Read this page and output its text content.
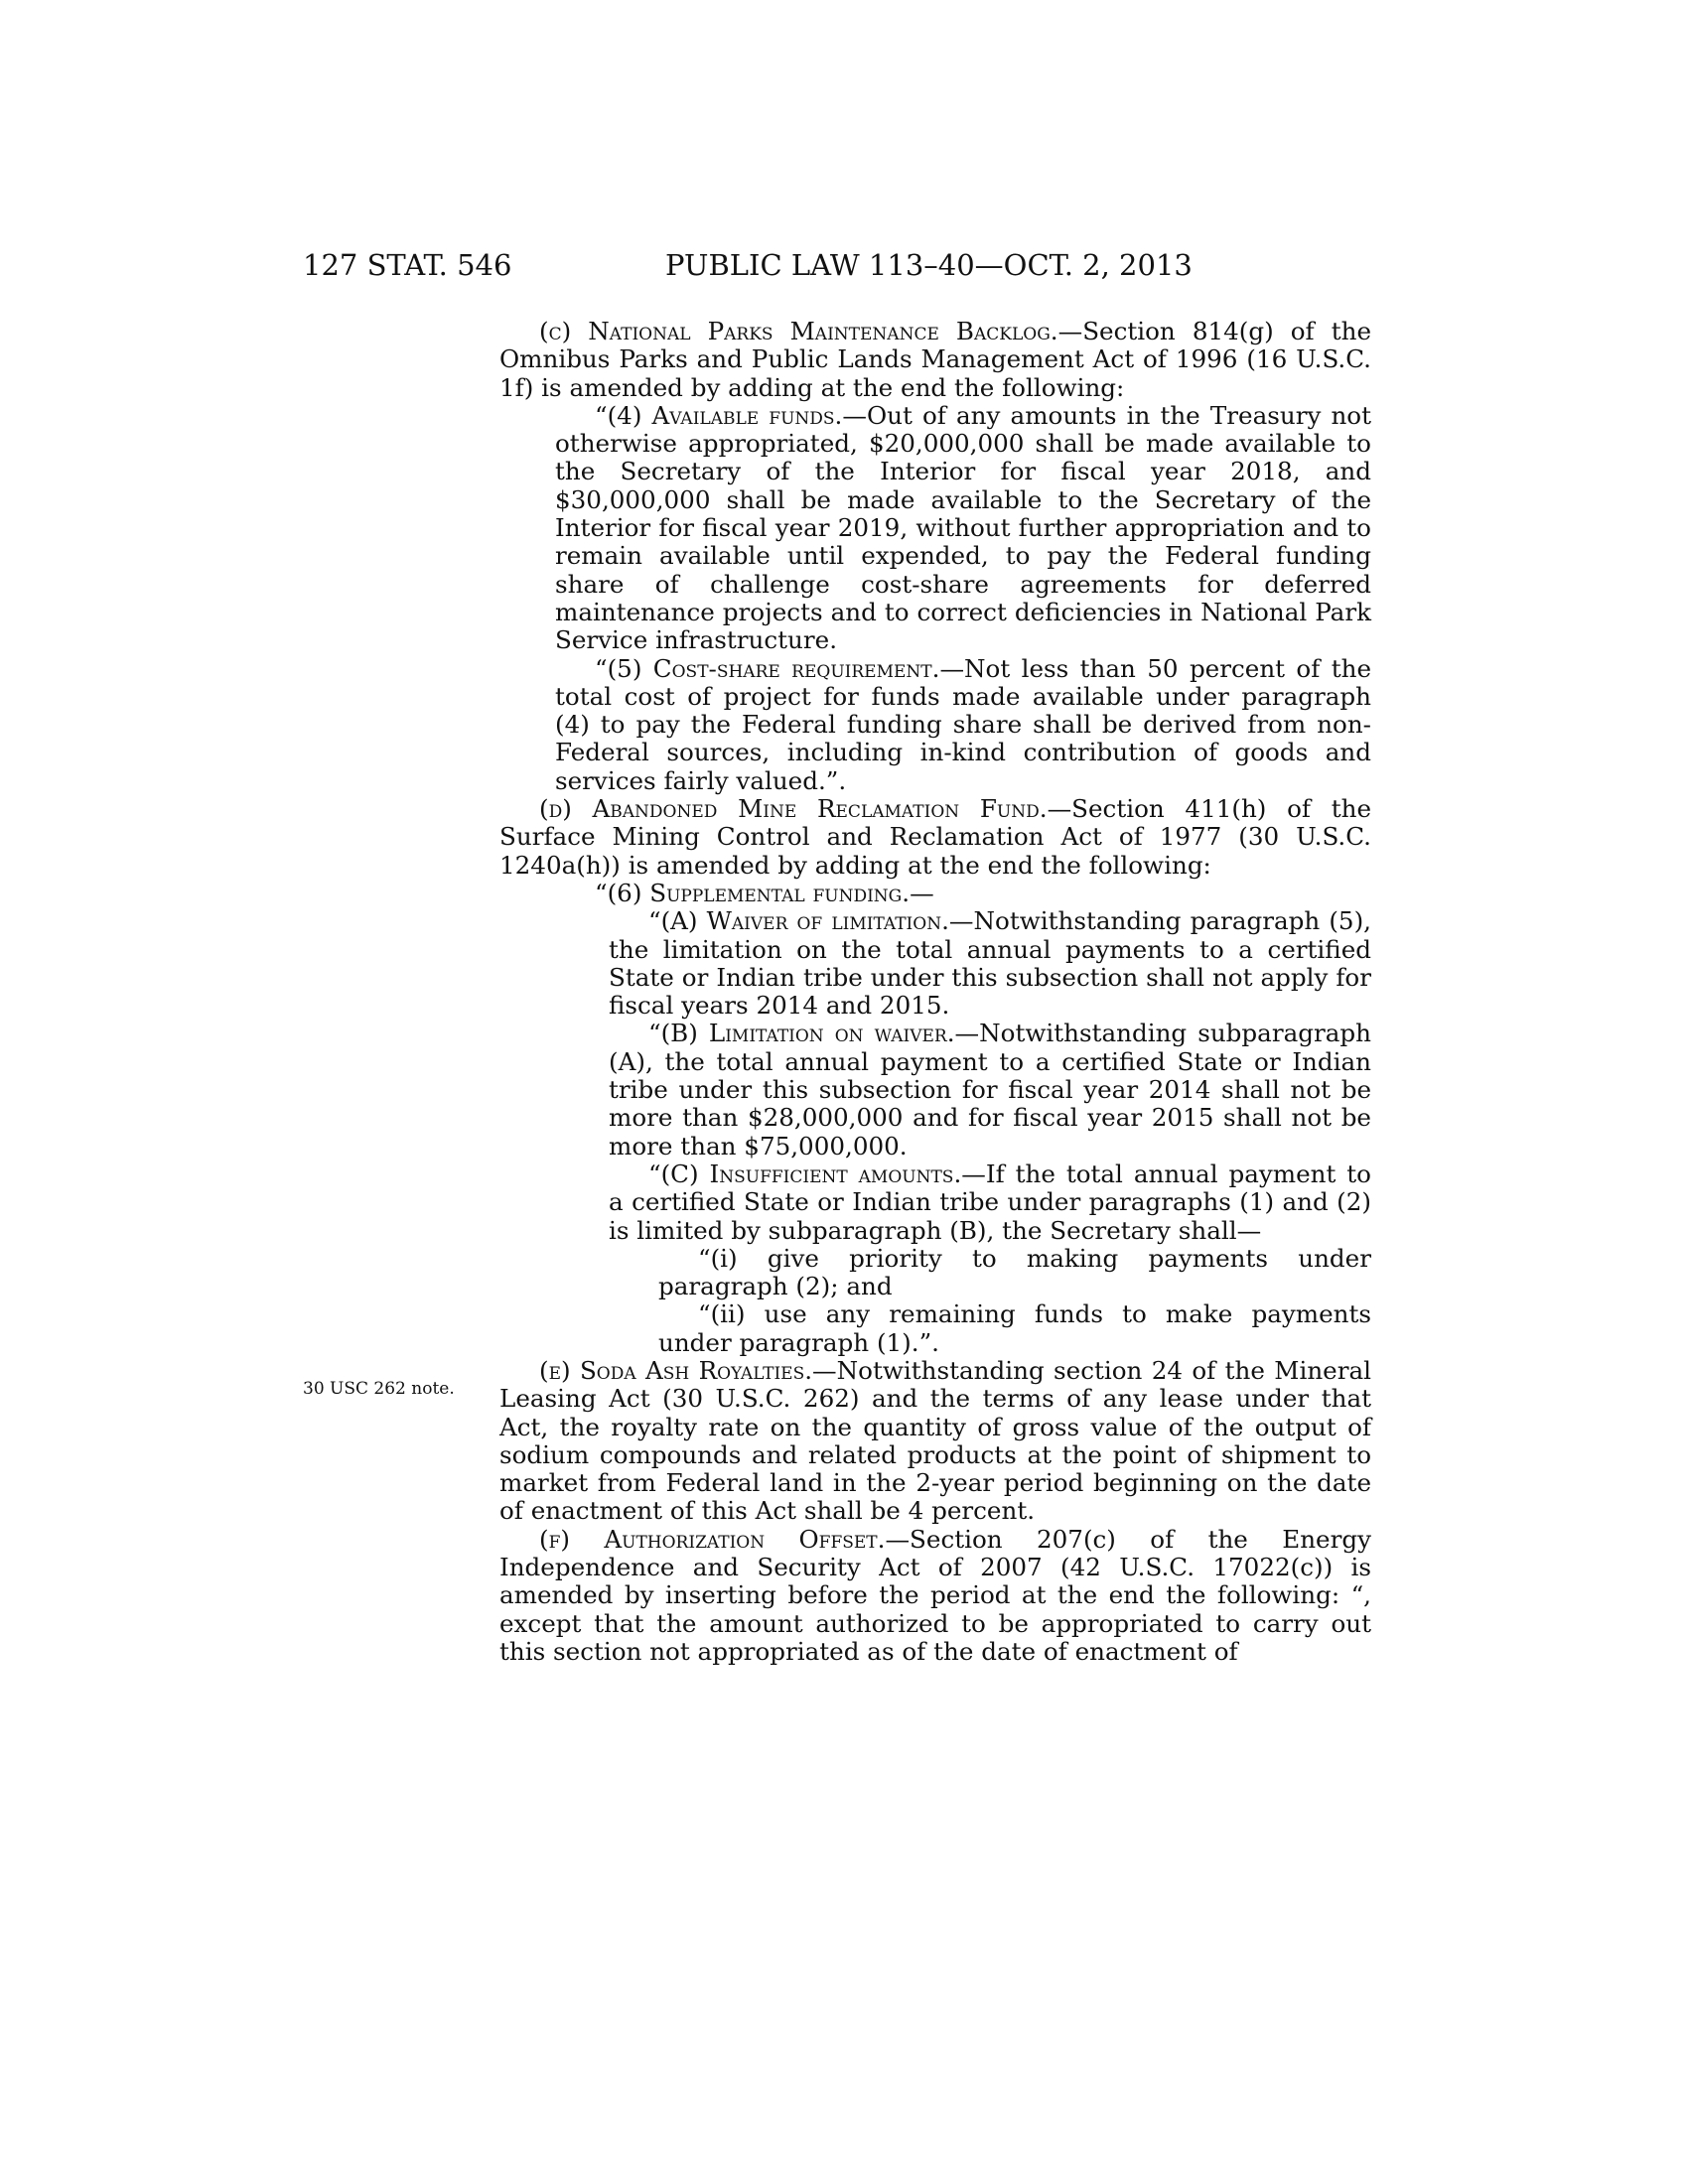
127 STAT. 546	PUBLIC LAW 113–40—OCT. 2, 2013
30 USC 262 note.

(c) National Parks Maintenance Backlog.—Section 814(g) of the Omnibus Parks and Public Lands Management Act of 1996 (16 U.S.C. 1f) is amended by adding at the end the following:

“(4) Available funds.—Out of any amounts in the Treasury not otherwise appropriated, $20,000,000 shall be made available to the Secretary of the Interior for fiscal year 2018, and $30,000,000 shall be made available to the Secretary of the Interior for fiscal year 2019, without further appropriation and to remain available until expended, to pay the Federal funding share of challenge cost-share agreements for deferred maintenance projects and to correct deficiencies in National Park Service infrastructure.

“(5) Cost-share requirement.—Not less than 50 percent of the total cost of project for funds made available under paragraph (4) to pay the Federal funding share shall be derived from non-Federal sources, including in-kind contribution of goods and services fairly valued.”.

(d) Abandoned Mine Reclamation Fund.—Section 411(h) of the Surface Mining Control and Reclamation Act of 1977 (30 U.S.C. 1240a(h)) is amended by adding at the end the following:

“(6) Supplemental funding.—

“(A) Waiver of limitation.—Notwithstanding paragraph (5), the limitation on the total annual payments to a certified State or Indian tribe under this subsection shall not apply for fiscal years 2014 and 2015.

“(B) Limitation on waiver.—Notwithstanding subparagraph (A), the total annual payment to a certified State or Indian tribe under this subsection for fiscal year 2014 shall not be more than $28,000,000 and for fiscal year 2015 shall not be more than $75,000,000.

“(C) Insufficient amounts.—If the total annual payment to a certified State or Indian tribe under paragraphs (1) and (2) is limited by subparagraph (B), the Secretary shall—

“(i) give priority to making payments under paragraph (2); and

“(ii) use any remaining funds to make payments under paragraph (1).”.

(e) Soda Ash Royalties.—Notwithstanding section 24 of the Mineral Leasing Act (30 U.S.C. 262) and the terms of any lease under that Act, the royalty rate on the quantity of gross value of the output of sodium compounds and related products at the point of shipment to market from Federal land in the 2-year period beginning on the date of enactment of this Act shall be 4 percent.

(f) Authorization Offset.—Section 207(c) of the Energy Independence and Security Act of 2007 (42 U.S.C. 17022(c)) is amended by inserting before the period at the end the following: “, except that the amount authorized to be appropriated to carry out this section not appropriated as of the date of enactment of
